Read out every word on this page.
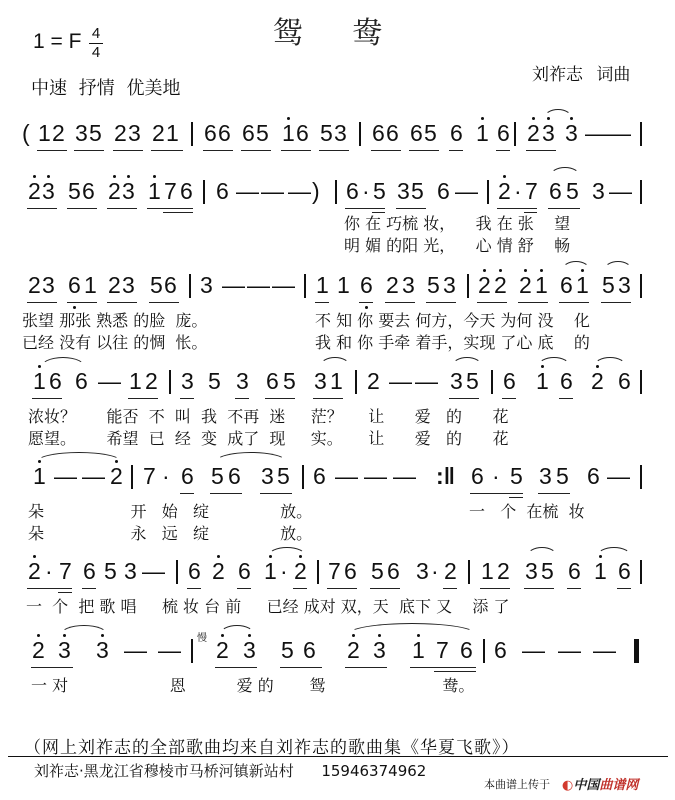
鸳 鸯
1 = F 4
4
中速 抒情 优美地
刘祚志 词曲
( 1 2 3 5 2 3 2 1 6 6 6 5 1 6 5 3 6 6 6 5 6 1 6 2 3 3 — —
2 3 5 6 2 3 1 7 6 6 — — — ) 6 · 5 3 5 6 — 2 · 7 6 5 3 —
你 在 巧梳 妆，    我 在 张    望
明 媚 的阳 光，    心 情 舒    畅
2 3 6 1 2 3 5 6 3 — — — 1 1 6 2 3 5 3 2 2 2 1 6 1 5 3
张望 那张 熟悉 的脸  庞。
已经 没有 以往 的惆  怅。
不 知 你 要去 何方，今天 为何 没    化
我 和 你 手牵 着手，实现 了心 底    的
1 6 6 — 1 2 3 5 3 6 5 3 1 2 — — 3 5 6 1 6 2 6
浓妆？      能否  不  叫  我  不再  迷     茫？     让      爱   的      花
愿望。      希望  已  经  变  成了  现     实。     让      爱   的      花
1 — — 2 7 · 6 5 6 3 5 6 — — — :‖ 6 · 5 3 5 6 —
朵                 开   始   绽              放。
朵                 永   远   绽              放。
一   个  在梳  妆
2 · 7 6 5 3 — 6 2 6 1 · 2 7 6 5 6 3 · 2 1 2 3 5 6 1 6
一  个  把 歌 唱     梳 妆 台 前     已经 成对 双，天  底下 又    添 了
2 3 3 — — 慢 2 3 5 6 2 3 1 7 6 6 — — —
一 对                    恩          爱 的       鸳                       鸯。
（网上刘祚志的全部歌曲均来自刘祚志的歌曲集《华夏飞歌》）
刘祚志·黑龙江省穆棱市马桥河镇新站村 15946374962
本曲谱上传于 ◐中国曲谱网
